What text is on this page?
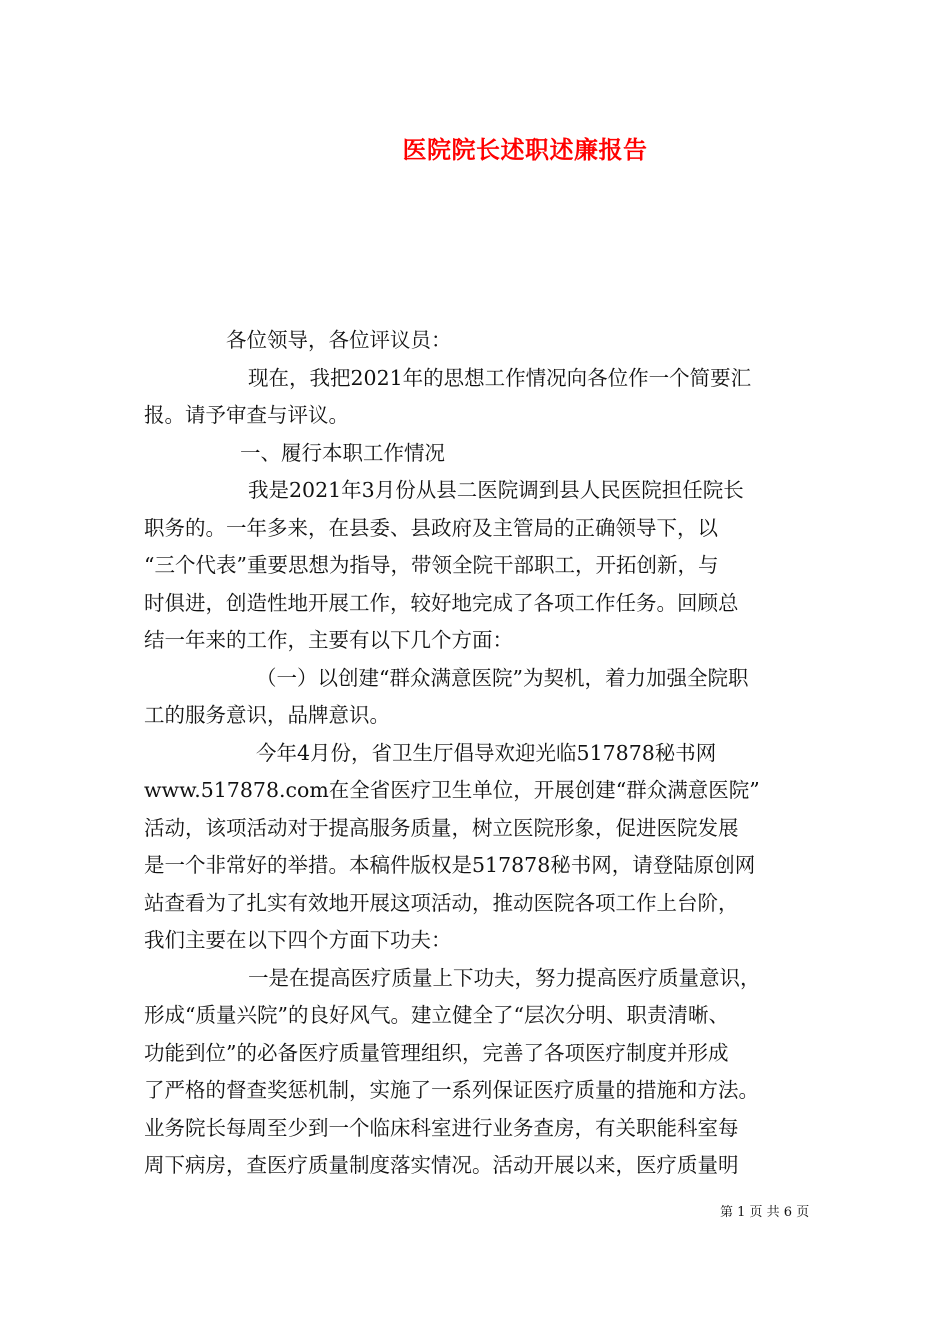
医院院长述职述廉报告
各位领导，各位评议员：
现在，我把2021年的思想工作情况向各位作一个简要汇
报。请予审查与评议。
一、履行本职工作情况
我是2021年3月份从县二医院调到县人民医院担任院长
职务的。一年多来，在县委、县政府及主管局的正确领导下，以
“三个代表”重要思想为指导，带领全院干部职工，开拓创新，与
时俱进，创造性地开展工作，较好地完成了各项工作任务。回顾总
结一年来的工作，主要有以下几个方面：
（一）以创建“群众满意医院”为契机，着力加强全院职
工的服务意识，品牌意识。
今年4月份，省卫生厅倡导欢迎光临517878秘书网
www.517878.com在全省医疗卫生单位，开展创建“群众满意医院”
活动，该项活动对于提高服务质量，树立医院形象，促进医院发展
是一个非常好的举措。本稿件版权是517878秘书网，请登陆原创网
站查看为了扎实有效地开展这项活动，推动医院各项工作上台阶，
我们主要在以下四个方面下功夫：
一是在提高医疗质量上下功夫，努力提高医疗质量意识，
形成“质量兴院”的良好风气。建立健全了“层次分明、职责清晰、
功能到位”的必备医疗质量管理组织，完善了各项医疗制度并形成
了严格的督查奖惩机制，实施了一系列保证医疗质量的措施和方法。
业务院长每周至少到一个临床科室进行业务查房，有关职能科室每
周下病房，查医疗质量制度落实情况。活动开展以来，医疗质量明
第 1 页 共 6 页
